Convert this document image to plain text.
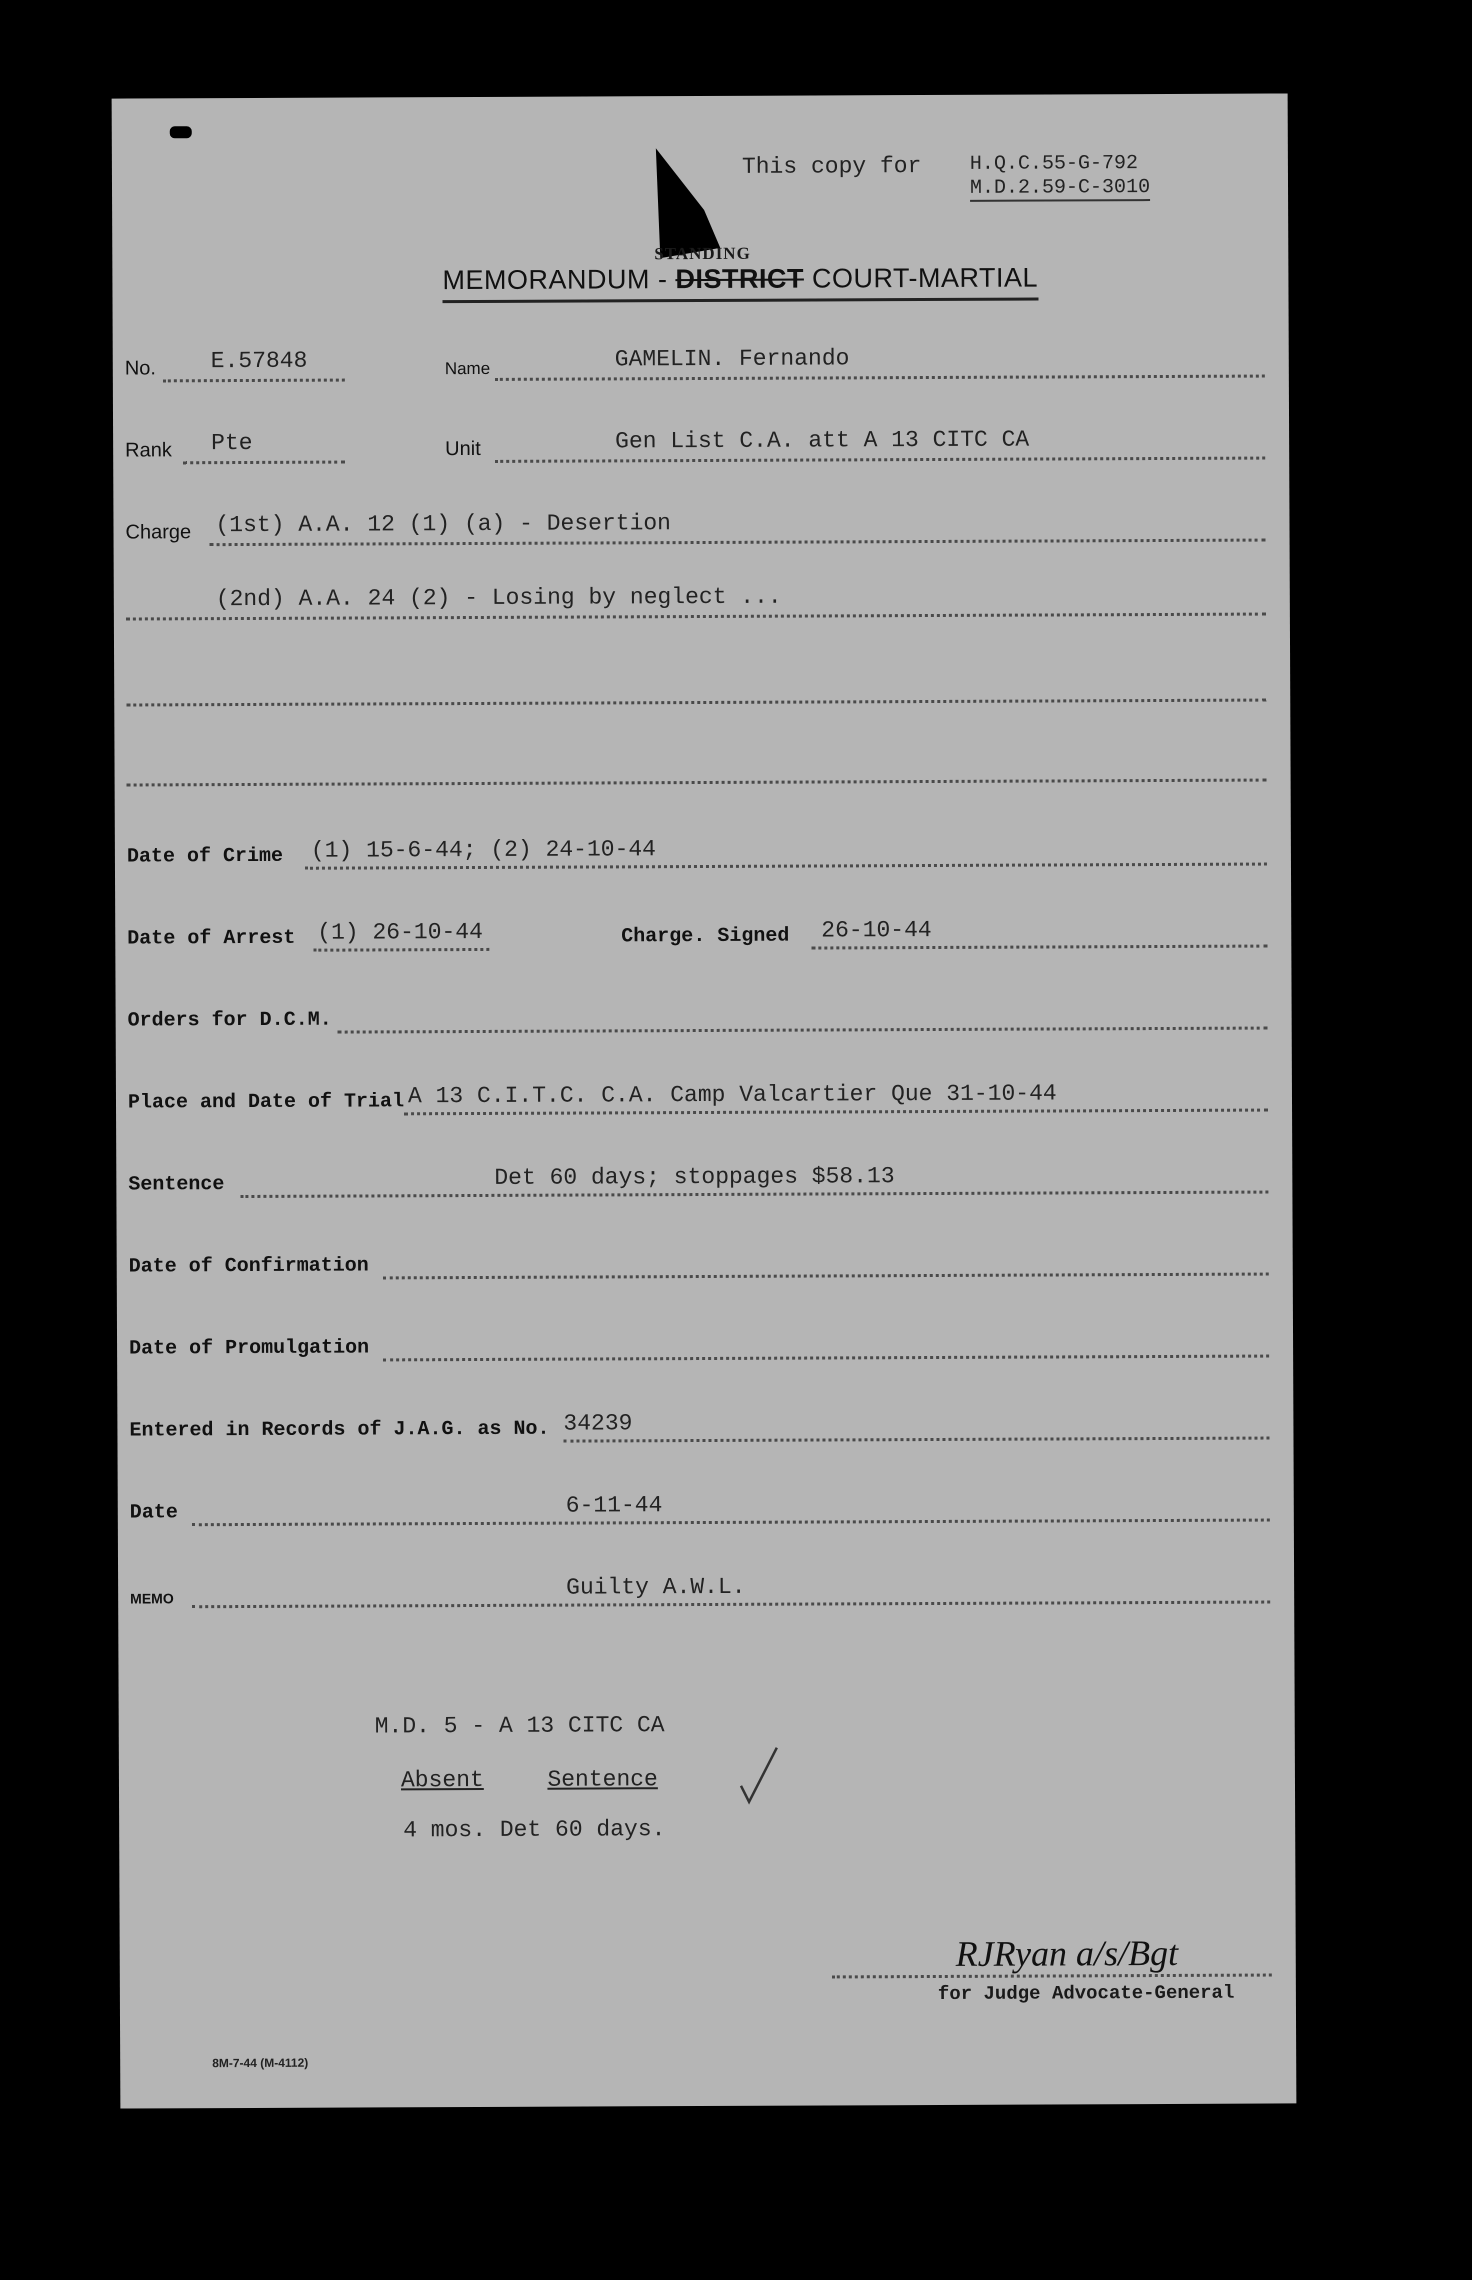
This copy for H.Q.C.55-G-792
M.D.2.59-C-3010
STANDING
MEMORANDUM - DISTRICT COURT-MARTIAL
No. E.57848	Name	GAMELIN. Fernando
Rank Pte	Unit	Gen List C.A. att A 13 CITC CA
Charge (1st) A.A. 12 (1) (a) - Desertion
(2nd) A.A. 24 (2) - Losing by neglect ...
Date of Crime (1) 15-6-44; (2) 24-10-44
Date of Arrest (1) 26-10-44	Charge. Signed 26-10-44
Orders for D.C.M.
Place and Date of Trial A 13 C.I.T.C. C.A. Camp Valcartier Que 31-10-44
Sentence	Det 60 days; stoppages $58.13
Date of Confirmation
Date of Promulgation
Entered in Records of J.A.G. as No. 34239
Date	6-11-44
MEMO	Guilty A.W.L.
M.D. 5 - A 13 CITC CA
Absent	Sentence
4 mos. Det 60 days.
RJRyan a/s/Bgt
for Judge Advocate-General
8M-7-44 (M-4112)
